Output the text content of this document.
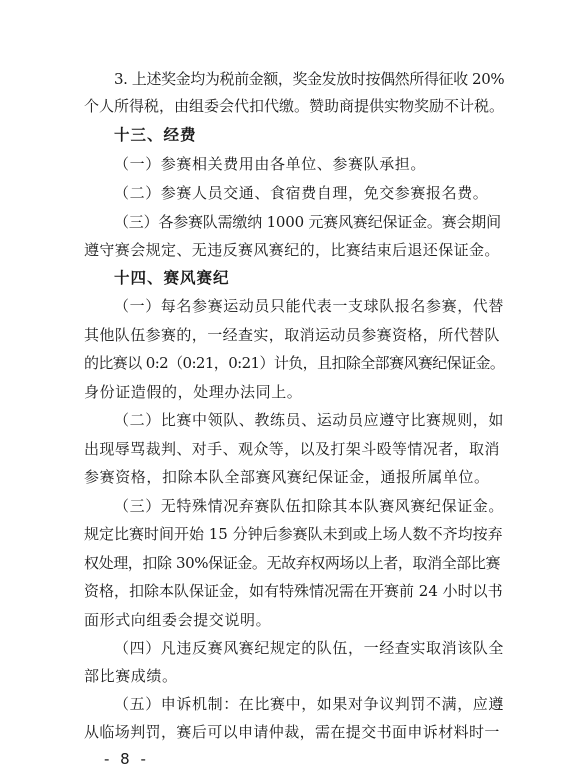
3. 上述奖金均为税前金额，奖金发放时按偶然所得征收 20%
个人所得税，由组委会代扣代缴。赞助商提供实物奖励不计税。
十三、经费
（一）参赛相关费用由各单位、参赛队承担。
（二）参赛人员交通、食宿费自理，免交参赛报名费。
（三）各参赛队需缴纳 1000 元赛风赛纪保证金。赛会期间
遵守赛会规定、无违反赛风赛纪的，比赛结束后退还保证金。
十四、赛风赛纪
（一）每名参赛运动员只能代表一支球队报名参赛，代替
其他队伍参赛的，一经查实，取消运动员参赛资格，所代替队
的比赛以 0:2（0:21，0:21）计负，且扣除全部赛风赛纪保证金。
身份证造假的，处理办法同上。
（二）比赛中领队、教练员、运动员应遵守比赛规则，如
出现辱骂裁判、对手、观众等，以及打架斗殴等情况者，取消
参赛资格，扣除本队全部赛风赛纪保证金，通报所属单位。
（三）无特殊情况弃赛队伍扣除其本队赛风赛纪保证金。
规定比赛时间开始 15 分钟后参赛队未到或上场人数不齐均按弃
权处理，扣除 30%保证金。无故弃权两场以上者，取消全部比赛
资格，扣除本队保证金，如有特殊情况需在开赛前 24 小时以书
面形式向组委会提交说明。
（四）凡违反赛风赛纪规定的队伍，一经查实取消该队全
部比赛成绩。
（五）申诉机制：在比赛中，如果对争议判罚不满，应遵
- 8 -
从临场判罚，赛后可以申请仲裁，需在提交书面申诉材料时一
